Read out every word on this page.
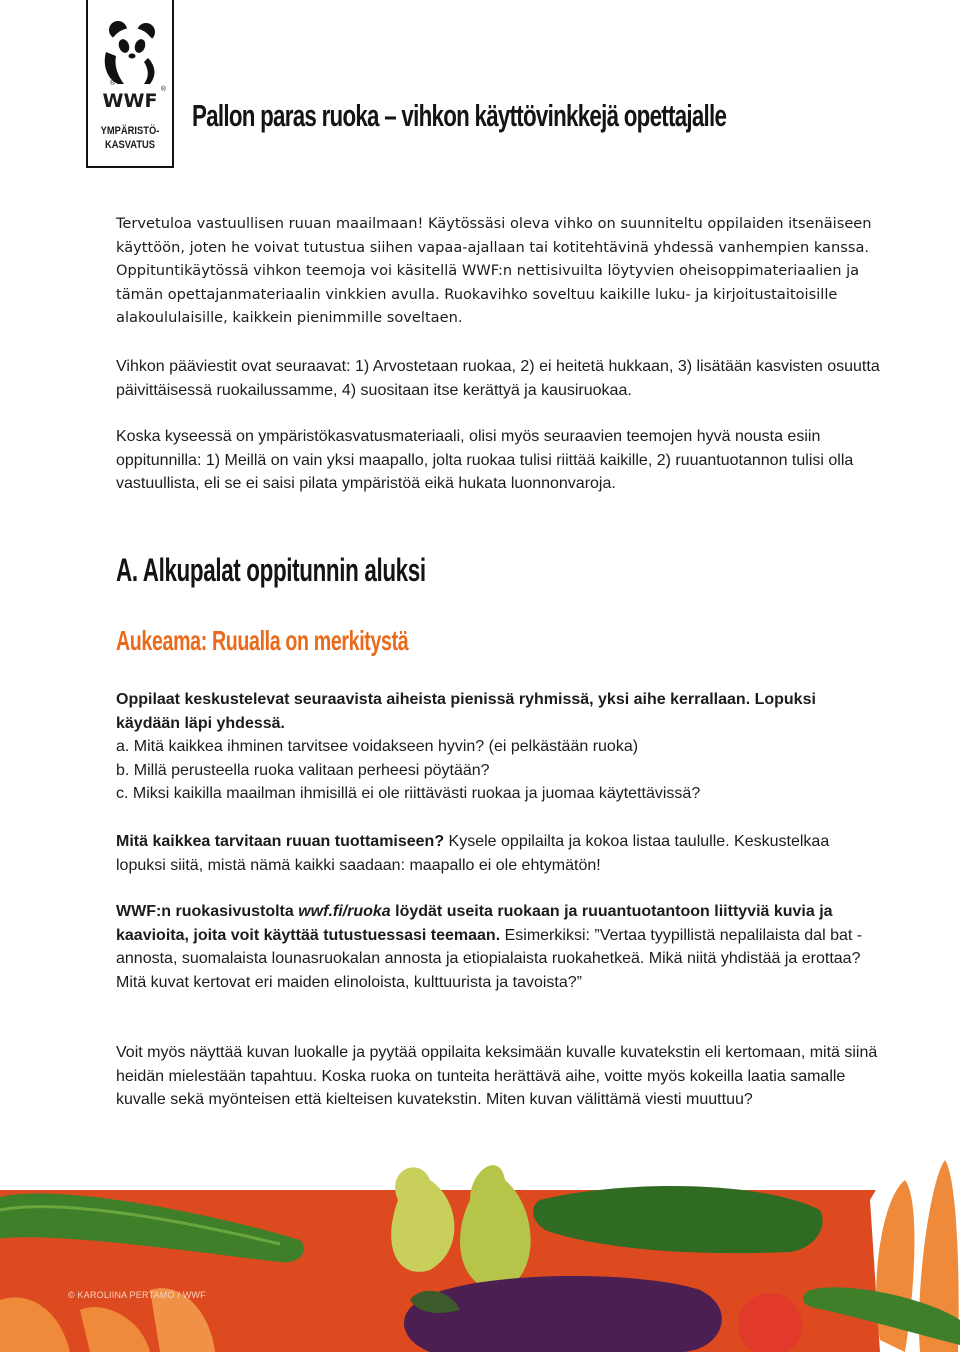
®
WWF
®
YMPÄRISTÖ-
KASVATUS
Pallon paras ruoka – vihkon käyttövinkkejä opettajalle

Tervetuloa vastuullisen ruuan maailmaan! Käytössäsi oleva vihko on suunniteltu oppilaiden itsenäiseen käyttöön, joten he voivat tutustua siihen vapaa-ajallaan tai kotitehtävinä yhdessä vanhempien kanssa. Oppituntikäytössä vihkon teemoja voi käsitellä WWF:n nettisivuilta löytyvien oheisoppimateriaalien ja tämän opettajanmateriaalin vinkkien avulla. Ruokavihko soveltuu kaikille luku- ja kirjoitustaitoisille alakoululaisille, kaikkein pienimmille soveltaen.

Vihkon pääviestit ovat seuraavat: 1) Arvostetaan ruokaa, 2) ei heitetä hukkaan, 3) lisätään kasvisten osuutta päivittäisessä ruokailussamme, 4) suositaan itse kerättyä ja kausiruokaa.

Koska kyseessä on ympäristökasvatusmateriaali, olisi myös seuraavien teemojen hyvä nousta esiin oppitunnilla: 1) Meillä on vain yksi maapallo, jolta ruokaa tulisi riittää kaikille, 2) ruuantuotannon tulisi olla vastuullista, eli se ei saisi pilata ympäristöä eikä hukata luonnonvaroja.

A. Alkupalat oppitunnin aluksi
Aukeama: Ruualla on merkitystä

Oppilaat keskustelevat seuraavista aiheista pienissä ryhmissä, yksi aihe kerrallaan. Lopuksi käydään läpi yhdessä.

a. Mitä kaikkea ihminen tarvitsee voidakseen hyvin? (ei pelkästään ruoka)

b. Millä perusteella ruoka valitaan perheesi pöytään?

c. Miksi kaikilla maailman ihmisillä ei ole riittävästi ruokaa ja juomaa käytettävissä?

Mitä kaikkea tarvitaan ruuan tuottamiseen? Kysele oppilailta ja kokoa listaa taululle. Keskustelkaa lopuksi siitä, mistä nämä kaikki saadaan: maapallo ei ole ehtymätön!

WWF:n ruokasivustolta wwf.fi/ruoka löydät useita ruokaan ja ruuantuotantoon liittyviä kuvia ja kaavioita, joita voit käyttää tutustuessasi teemaan. Esimerkiksi: ”Vertaa tyypillistä nepalilaista dal bat -annosta, suomalaista lounasruokalan annosta ja etiopialaista ruokahetkeä. Mikä niitä yhdistää ja erottaa? Mitä kuvat kertovat eri maiden elinoloista, kulttuurista ja tavoista?”

Voit myös näyttää kuvan luokalle ja pyytää oppilaita keksimään kuvalle kuvatekstin eli kertomaan, mitä siinä heidän mielestään tapahtuu. Koska ruoka on tunteita herättävä aihe, voitte myös kokeilla laatia samalle kuvalle sekä myönteisen että kielteisen kuvatekstin. Miten kuvan välittämä viesti muuttuu?

© KAROLIINA PERTAMO / WWF
